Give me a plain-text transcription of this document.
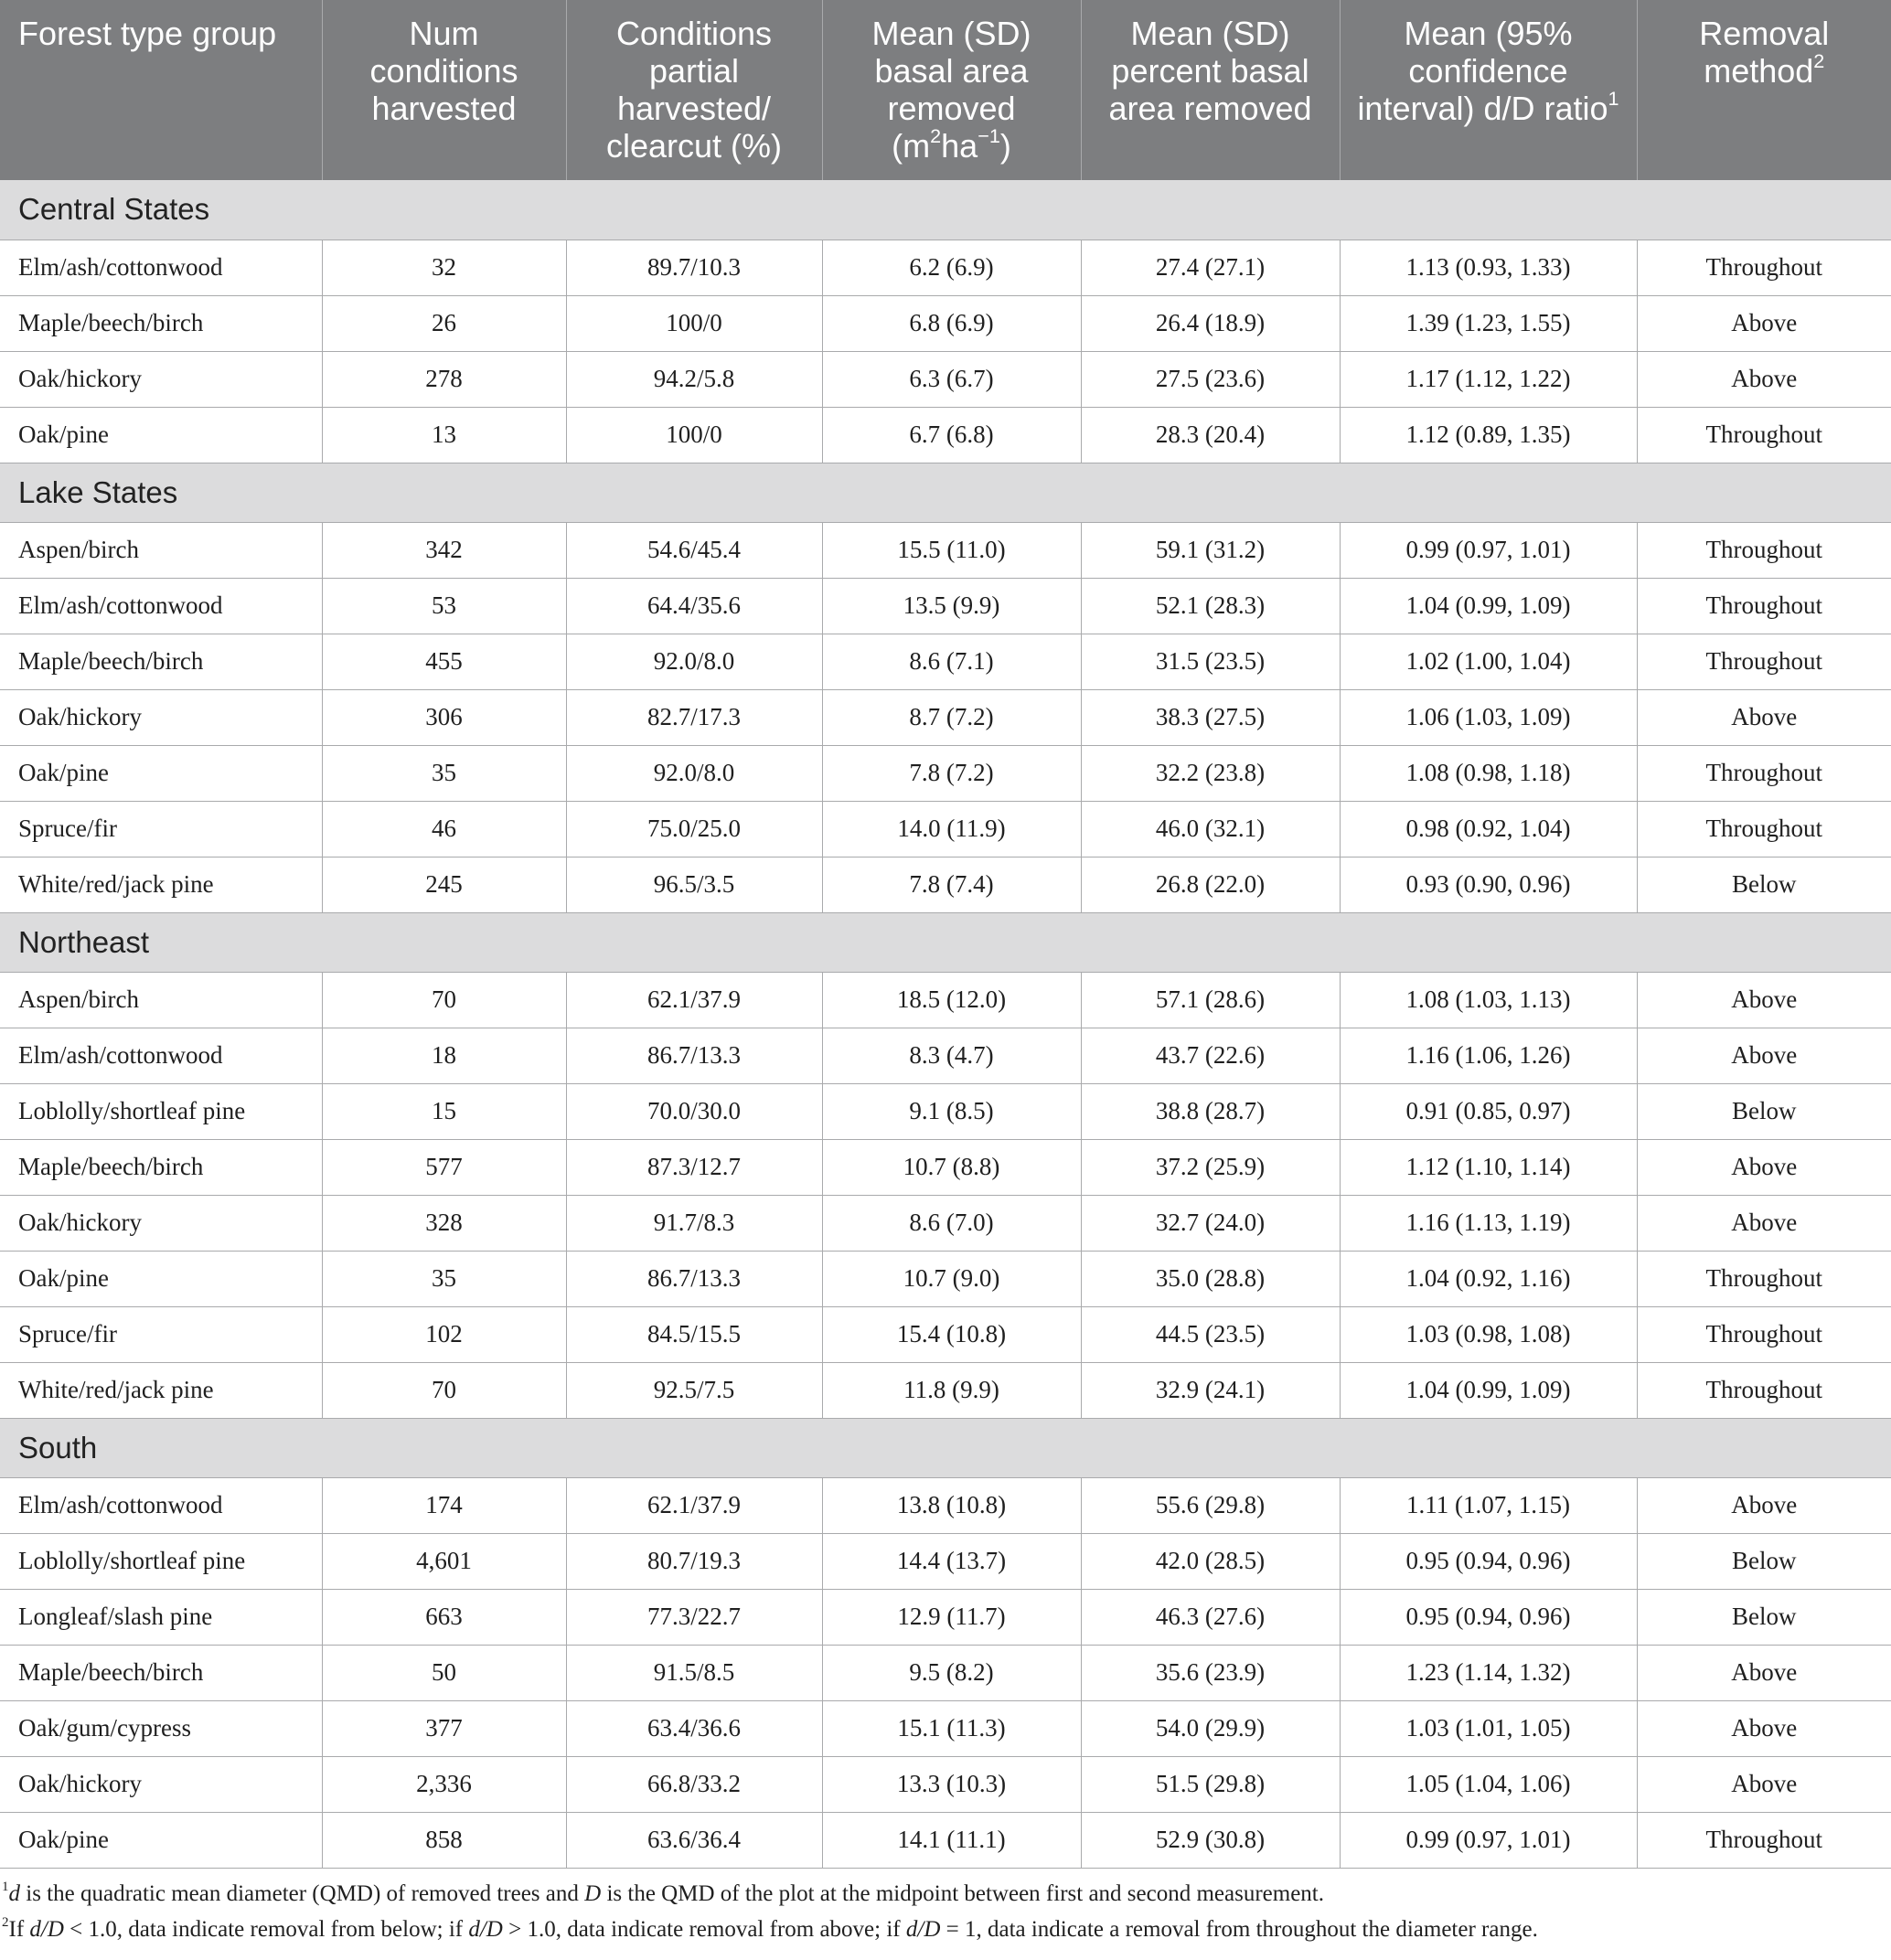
Forest type group	Num conditions harvested	Conditions partial harvested/ clearcut (%)	Mean (SD) basal area removed $(m^2ha^{-1})$	Mean (SD) percent basal area removed	Mean (95% confidence interval) d/D ratio$^1$	Removal method$^2$
Central States						
Elm/ash/cottonwood	32	89.7/10.3	6.2 (6.9)	27.4 (27.1)	1.13 (0.93, 1.33)	Throughout
Maple/beech/birch	26	100/0	6.8 (6.9)	26.4 (18.9)	1.39 (1.23, 1.55)	Above
Oak/hickory	278	94.2/5.8	6.3 (6.7)	27.5 (23.6)	1.17 (1.12, 1.22)	Above
Oak/pine	13	100/0	6.7 (6.8)	28.3 (20.4)	1.12 (0.89, 1.35)	Throughout
Lake States						
Aspen/birch	342	54.6/45.4	15.5 (11.0)	59.1 (31.2)	0.99 (0.97, 1.01)	Throughout
Elm/ash/cottonwood	53	64.4/35.6	13.5 (9.9)	52.1 (28.3)	1.04 (0.99, 1.09)	Throughout
Maple/beech/birch	455	92.0/8.0	8.6 (7.1)	31.5 (23.5)	1.02 (1.00, 1.04)	Throughout
Oak/hickory	306	82.7/17.3	8.7 (7.2)	38.3 (27.5)	1.06 (1.03, 1.09)	Above
Oak/pine	35	92.0/8.0	7.8 (7.2)	32.2 (23.8)	1.08 (0.98, 1.18)	Throughout
Spruce/fir	46	75.0/25.0	14.0 (11.9)	46.0 (32.1)	0.98 (0.92, 1.04)	Throughout
White/red/jack pine	245	96.5/3.5	7.8 (7.4)	26.8 (22.0)	0.93 (0.90, 0.96)	Below
Northeast						
Aspen/birch	70	62.1/37.9	18.5 (12.0)	57.1 (28.6)	1.08 (1.03, 1.13)	Above
Elm/ash/cottonwood	18	86.7/13.3	8.3 (4.7)	43.7 (22.6)	1.16 (1.06, 1.26)	Above
Loblolly/shortleaf pine	15	70.0/30.0	9.1 (8.5)	38.8 (28.7)	0.91 (0.85, 0.97)	Below
Maple/beech/birch	577	87.3/12.7	10.7 (8.8)	37.2 (25.9)	1.12 (1.10, 1.14)	Above
Oak/hickory	328	91.7/8.3	8.6 (7.0)	32.7 (24.0)	1.16 (1.13, 1.19)	Above
Oak/pine	35	86.7/13.3	10.7 (9.0)	35.0 (28.8)	1.04 (0.92, 1.16)	Throughout
Spruce/fir	102	84.5/15.5	15.4 (10.8)	44.5 (23.5)	1.03 (0.98, 1.08)	Throughout
White/red/jack pine	70	92.5/7.5	11.8 (9.9)	32.9 (24.1)	1.04 (0.99, 1.09)	Throughout
South						
Elm/ash/cottonwood	174	62.1/37.9	13.8 (10.8)	55.6 (29.8)	1.11 (1.07, 1.15)	Above
Loblolly/shortleaf pine	4,601	80.7/19.3	14.4 (13.7)	42.0 (28.5)	0.95 (0.94, 0.96)	Below
Longleaf/slash pine	663	77.3/22.7	12.9 (11.7)	46.3 (27.6)	0.95 (0.94, 0.96)	Below
Maple/beech/birch	50	91.5/8.5	9.5 (8.2)	35.6 (23.9)	1.23 (1.14, 1.32)	Above
Oak/gum/cypress	377	63.4/36.6	15.1 (11.3)	54.0 (29.9)	1.03 (1.01, 1.05)	Above
Oak/hickory	2,336	66.8/33.2	13.3 (10.3)	51.5 (29.8)	1.05 (1.04, 1.06)	Above
Oak/pine	858	63.6/36.4	14.1 (11.1)	52.9 (30.8)	0.99 (0.97, 1.01)	Throughout
$^1$d is the quadratic mean diameter (QMD) of removed trees and D is the QMD of the plot at the midpoint between first and second measurement.
$^2$If d/D < 1.0, data indicate removal from below; if d/D > 1.0, data indicate removal from above; if d/D = 1, data indicate a removal from throughout the diameter range.
